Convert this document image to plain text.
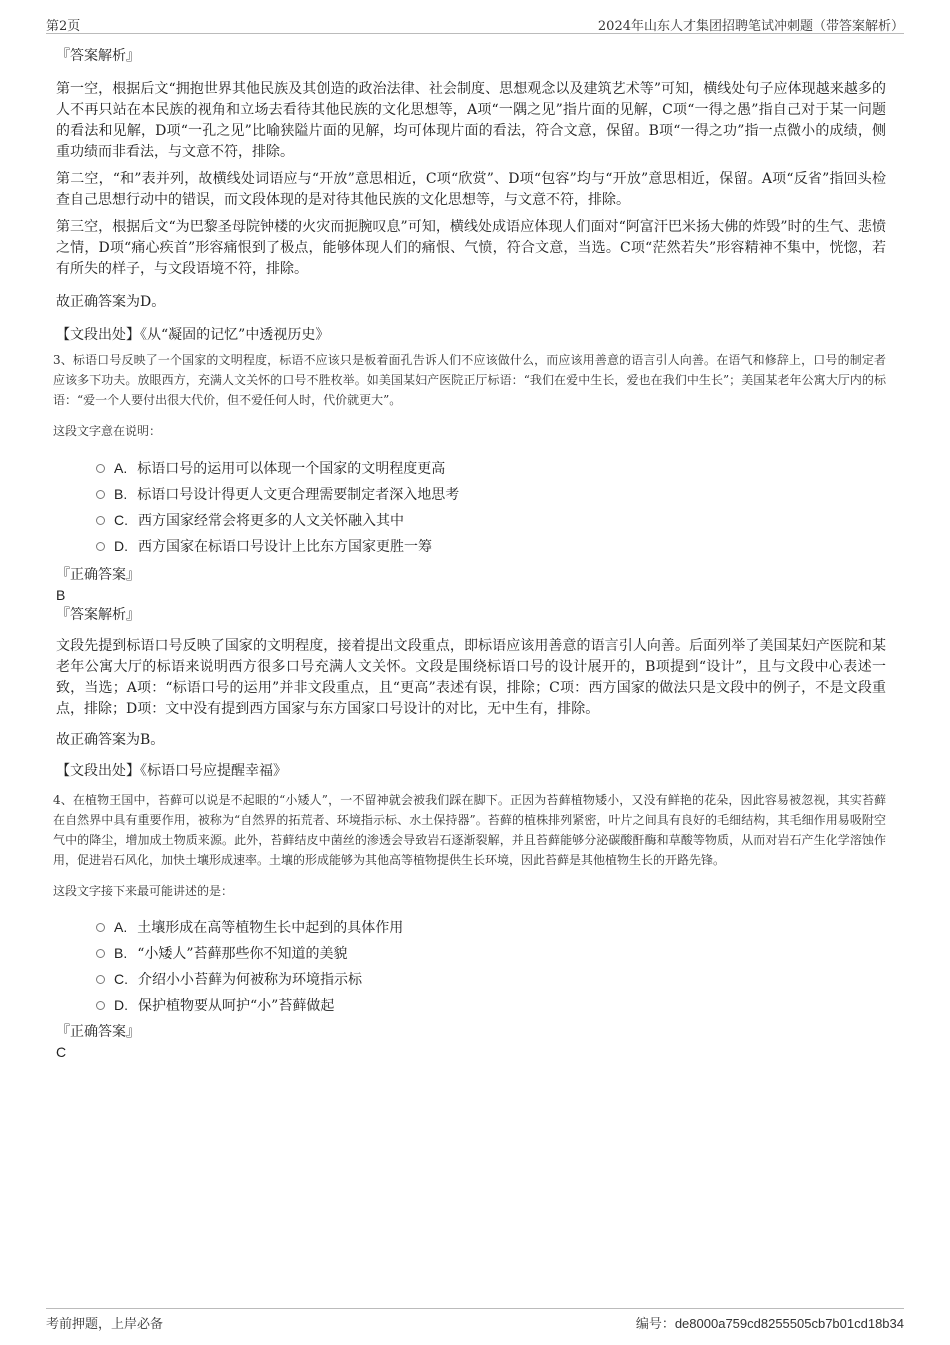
第2页	2024年山东人才集团招聘笔试冲刺题（带答案解析）
『答案解析』
第一空，根据后文“拥抱世界其他民族及其创造的政治法律、社会制度、思想观念以及建筑艺术等”可知，横线处句子应体现越来越多的人不再只站在本民族的视角和立场去看待其他民族的文化思想等，A项“一隅之见”指片面的见解，C项“一得之愚”指自己对于某一问题的看法和见解，D项“一孔之见”比喻狭隘片面的见解，均可体现片面的看法，符合文意，保留。B项“一得之功”指一点微小的成绩，侧重功绩而非看法，与文意不符，排除。
第二空，“和”表并列，故横线处词语应与“开放”意思相近，C项“欣赏”、D项“包容”均与“开放”意思相近，保留。A项“反省”指回头检查自己思想行动中的错误，而文段体现的是对待其他民族的文化思想等，与文意不符，排除。
第三空，根据后文“为巴黎圣母院钟楼的火灾而扼腕叹息”可知，横线处成语应体现人们面对“阿富汗巴米扬大佛的炸毁”时的生气、悲愤之情，D项“痛心疾首”形容痛恨到了极点，能够体现人们的痛恨、气愤，符合文意，当选。C项“茫然若失”形容精神不集中，恍惚，若有所失的样子，与文段语境不符，排除。
故正确答案为D。
【文段出处】《从“凝固的记忆”中透视历史》
3、标语口号反映了一个国家的文明程度，标语不应该只是板着面孔告诉人们不应该做什么，而应该用善意的语言引人向善。在语气和修辞上，口号的制定者应该多下功夫。放眼西方，充满人文关怀的口号不胜枚举。如美国某妇产医院正厅标语：“我们在爱中生长，爱也在我们中生长”；美国某老年公寓大厅内的标语：“爱一个人要付出很大代价，但不爱任何人时，代价就更大”。
这段文字意在说明：
A. 标语口号的运用可以体现一个国家的文明程度更高
B. 标语口号设计得更人文更合理需要制定者深入地思考
C. 西方国家经常会将更多的人文关怀融入其中
D. 西方国家在标语口号设计上比东方国家更胜一筹
『正确答案』
B
『答案解析』
文段先提到标语口号反映了国家的文明程度，接着提出文段重点，即标语应该用善意的语言引人向善。后面列举了美国某妇产医院和某老年公寓大厅的标语来说明西方很多口号充满人文关怀。文段是围绕标语口号的设计展开的，B项提到“设计”，且与文段中心表述一致，当选；A项：“标语口号的运用”并非文段重点，且“更高”表述有误，排除；C项：西方国家的做法只是文段中的例子，不是文段重点，排除；D项：文中没有提到西方国家与东方国家口号设计的对比，无中生有，排除。
故正确答案为B。
【文段出处】《标语口号应提醒幸福》
4、在植物王国中，苔藓可以说是不起眼的“小矮人”，一不留神就会被我们踩在脚下。正因为苔藓植物矮小，又没有鲜艳的花朵，因此容易被忽视，其实苔藓在自然界中具有重要作用，被称为“自然界的拓荒者、环境指示标、水土保持器”。苔藓的植株排列紧密，叶片之间具有良好的毛细结构，其毛细作用易吸附空气中的降尘，增加成土物质来源。此外，苔藓结皮中菌丝的渗透会导致岩石逐渐裂解，并且苔藓能够分泌碳酸酐酶和草酸等物质，从而对岩石产生化学溶蚀作用，促进岩石风化，加快土壤形成速率。土壤的形成能够为其他高等植物提供生长环境，因此苔藓是其他植物生长的开路先锋。
这段文字接下来最可能讲述的是：
A. 土壤形成在高等植物生长中起到的具体作用
B. “小矮人”苔藓那些你不知道的美貌
C. 介绍小小苔藓为何被称为环境指示标
D. 保护植物要从呵护“小”苔藓做起
『正确答案』
C
考前押题，上岸必备	编号：de8000a759cd8255505cb7b01cd18b34
